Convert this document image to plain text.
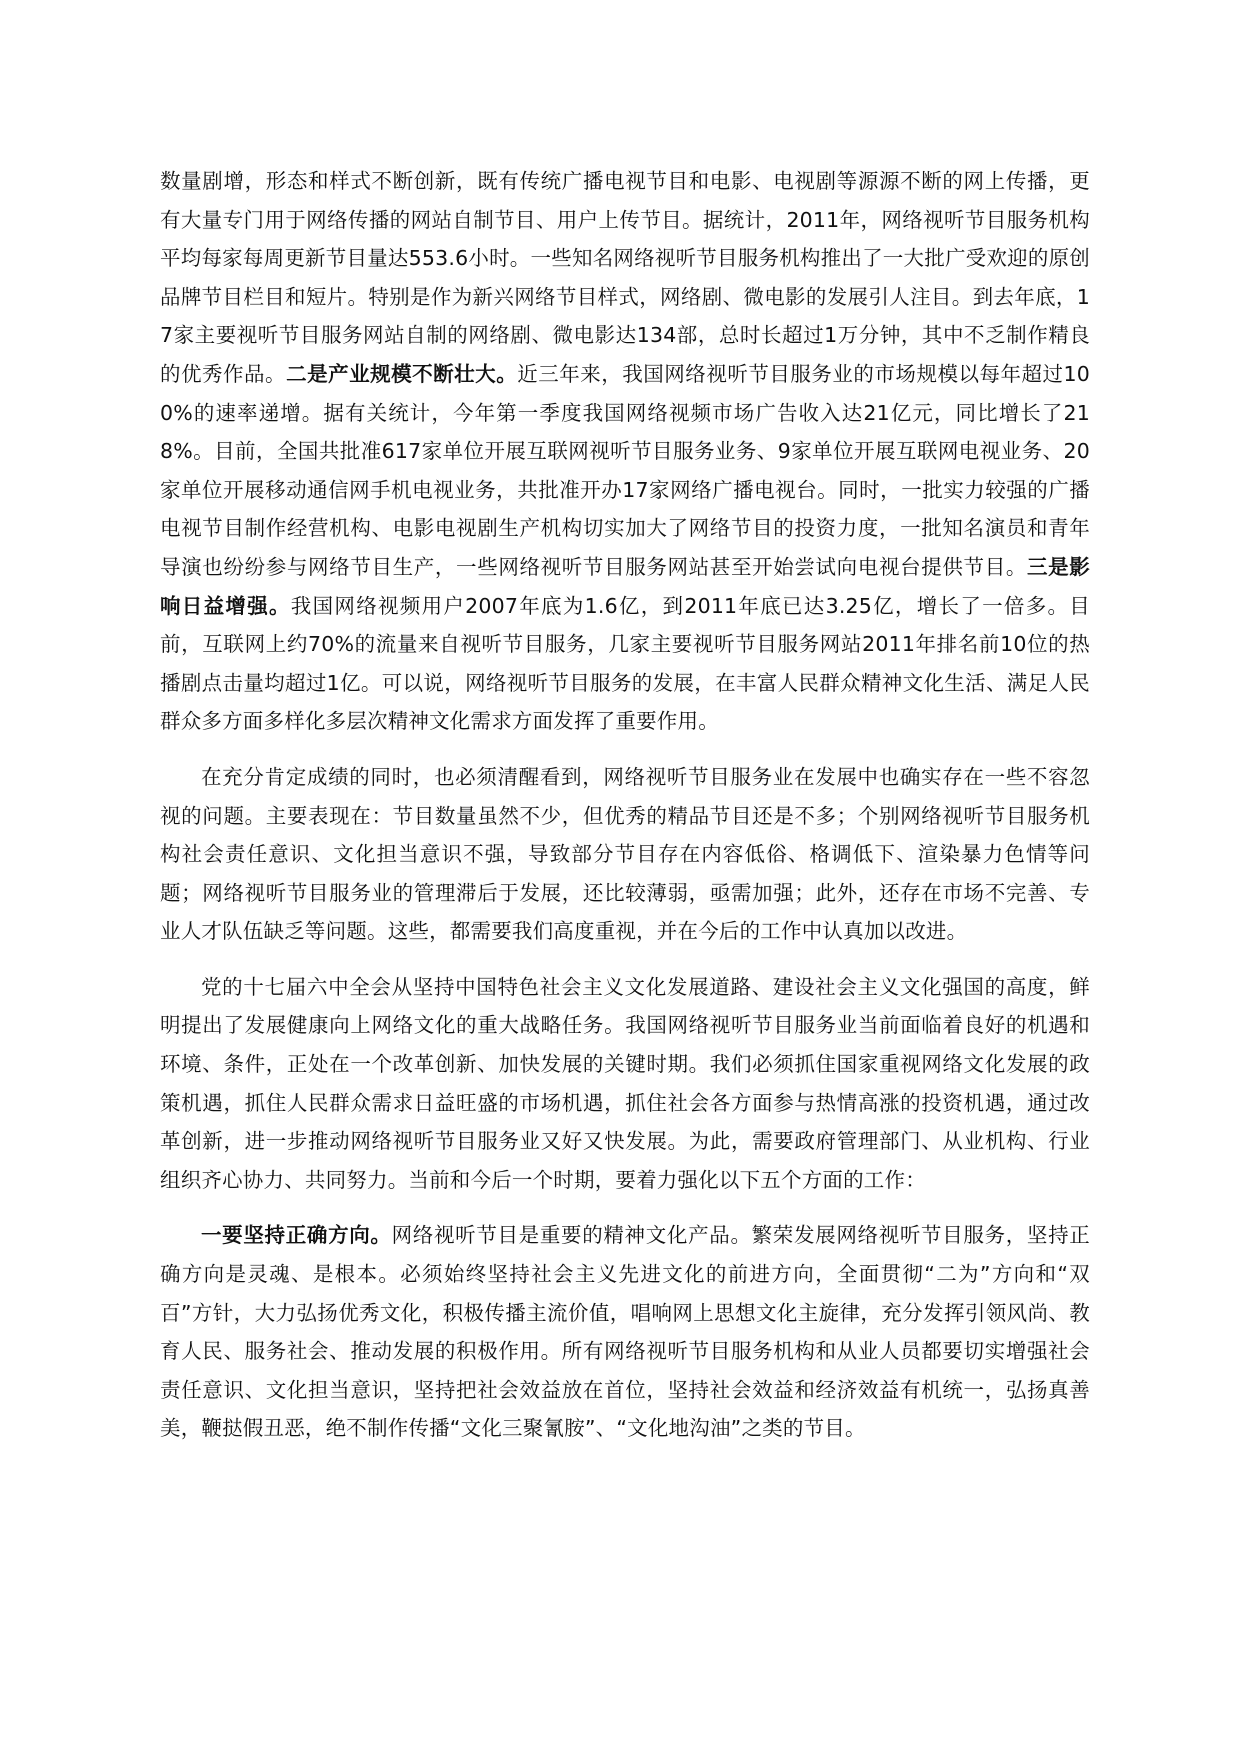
数量剧增，形态和样式不断创新，既有传统广播电视节目和电影、电视剧等源源不断的网上传播，更有大量专门用于网络传播的网站自制节目、用户上传节目。据统计，2011年，网络视听节目服务机构平均每家每周更新节目量达553.6小时。一些知名网络视听节目服务机构推出了一大批广受欢迎的原创品牌节目栏目和短片。特别是作为新兴网络节目样式，网络剧、微电影的发展引人注目。到去年底，17家主要视听节目服务网站自制的网络剧、微电影达134部，总时长超过1万分钟，其中不乏制作精良的优秀作品。二是产业规模不断壮大。近三年来，我国网络视听节目服务业的市场规模以每年超过100%的速率递增。据有关统计，今年第一季度我国网络视频市场广告收入达21亿元，同比增长了218%。目前，全国共批准617家单位开展互联网视听节目服务业务、9家单位开展互联网电视业务、20家单位开展移动通信网手机电视业务，共批准开办17家网络广播电视台。同时，一批实力较强的广播电视节目制作经营机构、电影电视剧生产机构切实加大了网络节目的投资力度，一批知名演员和青年导演也纷纷参与网络节目生产，一些网络视听节目服务网站甚至开始尝试向电视台提供节目。三是影响日益增强。我国网络视频用户2007年底为1.6亿，到2011年底已达3.25亿，增长了一倍多。目前，互联网上约70%的流量来自视听节目服务，几家主要视听节目服务网站2011年排名前10位的热播剧点击量均超过1亿。可以说，网络视听节目服务的发展，在丰富人民群众精神文化生活、满足人民群众多方面多样化多层次精神文化需求方面发挥了重要作用。

在充分肯定成绩的同时，也必须清醒看到，网络视听节目服务业在发展中也确实存在一些不容忽视的问题。主要表现在：节目数量虽然不少，但优秀的精品节目还是不多；个别网络视听节目服务机构社会责任意识、文化担当意识不强，导致部分节目存在内容低俗、格调低下、渲染暴力色情等问题；网络视听节目服务业的管理滞后于发展，还比较薄弱，亟需加强；此外，还存在市场不完善、专业人才队伍缺乏等问题。这些，都需要我们高度重视，并在今后的工作中认真加以改进。

党的十七届六中全会从坚持中国特色社会主义文化发展道路、建设社会主义文化强国的高度，鲜明提出了发展健康向上网络文化的重大战略任务。我国网络视听节目服务业当前面临着良好的机遇和环境、条件，正处在一个改革创新、加快发展的关键时期。我们必须抓住国家重视网络文化发展的政策机遇，抓住人民群众需求日益旺盛的市场机遇，抓住社会各方面参与热情高涨的投资机遇，通过改革创新，进一步推动网络视听节目服务业又好又快发展。为此，需要政府管理部门、从业机构、行业组织齐心协力、共同努力。当前和今后一个时期，要着力强化以下五个方面的工作：

一要坚持正确方向。网络视听节目是重要的精神文化产品。繁荣发展网络视听节目服务，坚持正确方向是灵魂、是根本。必须始终坚持社会主义先进文化的前进方向，全面贯彻“二为”方向和“双百”方针，大力弘扬优秀文化，积极传播主流价值，唱响网上思想文化主旋律，充分发挥引领风尚、教育人民、服务社会、推动发展的积极作用。所有网络视听节目服务机构和从业人员都要切实增强社会责任意识、文化担当意识，坚持把社会效益放在首位，坚持社会效益和经济效益有机统一，弘扬真善美，鞭挞假丑恶，绝不制作传播“文化三聚氰胺”、“文化地沟油”之类的节目。
